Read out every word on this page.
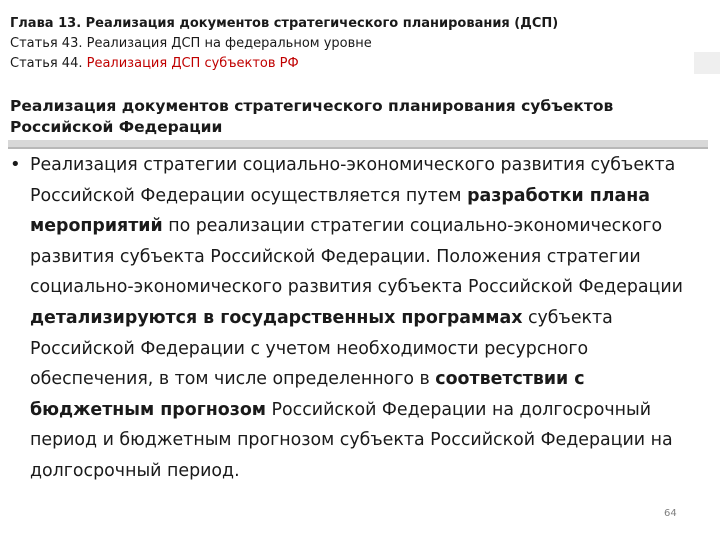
Глава 13. Реализация документов стратегического планирования (ДСП)
Статья 43. Реализация ДСП на федеральном уровне
Статья 44. Реализация ДСП субъектов РФ
Реализация документов стратегического планирования субъектов Российской Федерации
• Реализация стратегии социально-экономического развития субъекта Российской Федерации осуществляется путем разработки плана мероприятий по реализации стратегии социально-экономического развития субъекта Российской Федерации. Положения стратегии социально-экономического развития субъекта Российской Федерации детализируются в государственных программах субъекта Российской Федерации с учетом необходимости ресурсного обеспечения, в том числе определенного в соответствии с бюджетным прогнозом Российской Федерации на долгосрочный период и бюджетным прогнозом субъекта Российской Федерации на долгосрочный период.
64
